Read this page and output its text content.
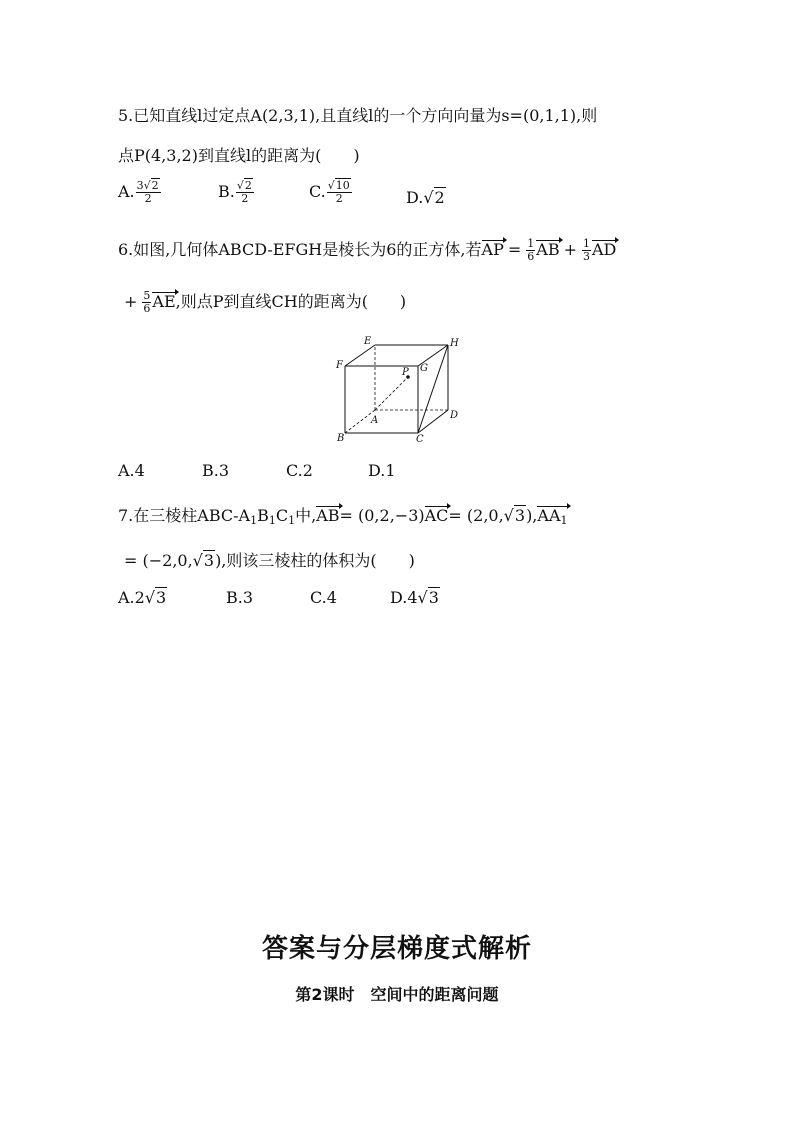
5.已知直线l过定点A(2,3,1),且直线l的一个方向向量为s=(0,1,1),则
点P(4,3,2)到直线l的距离为(　　)
A. $\frac{3√2}{2}$	B. $\frac{√2}{2}$	C. $\frac{√10}{2}$	D.√2
6.如图,几何体ABCD-EFGH是棱长为6的正方体,若AP = $\frac{1}{6}$ AB + $\frac{1}{3}$ AD
+ $\frac{5}{6}$ AE,则点P到直线CH的距离为(　　)
E	H
F
P G
A	D
B	C
A.4	B.3	C.2	D.1
7.在三棱柱ABC-$A_1B_1C_1$中$,AB= (0,2,-3)AC= (2,0,√3),AA_1$
= (−2,0,√3),则该三棱柱的体积为(　　)
A.2√3	B.3	C.4	D.4√3
答案与分层梯度式解析
第2课时　空间中的距离问题
